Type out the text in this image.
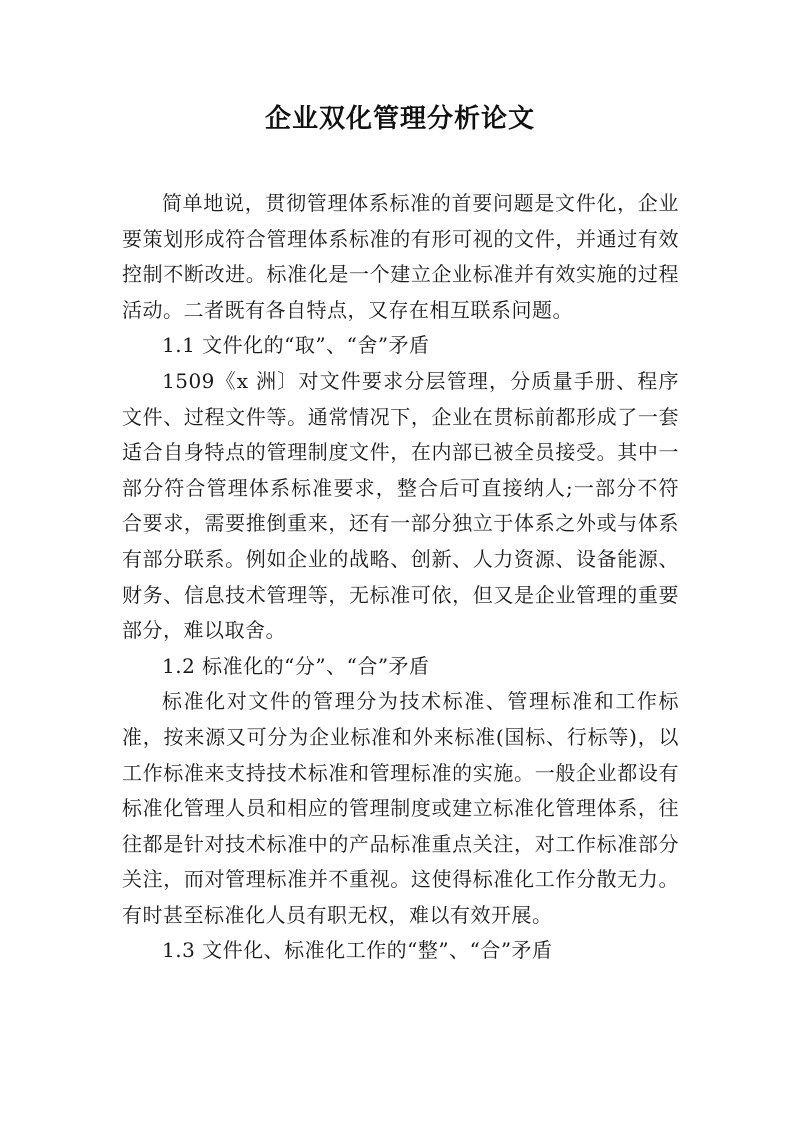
企业双化管理分析论文

简单地说，贯彻管理体系标准的首要问题是文件化，企业要策划形成符合管理体系标准的有形可视的文件，并通过有效控制不断改进。标准化是一个建立企业标准并有效实施的过程活动。二者既有各自特点，又存在相互联系问题。

1.1 文件化的“取”、“舍”矛盾

1509《x 洲〕对文件要求分层管理，分质量手册、程序文件、过程文件等。通常情况下，企业在贯标前都形成了一套适合自身特点的管理制度文件，在内部已被全员接受。其中一部分符合管理体系标准要求，整合后可直接纳人;一部分不符合要求，需要推倒重来，还有一部分独立于体系之外或与体系有部分联系。例如企业的战略、创新、人力资源、设备能源、财务、信息技术管理等，无标准可依，但又是企业管理的重要部分，难以取舍。

1.2 标准化的“分”、“合”矛盾

标准化对文件的管理分为技术标准、管理标准和工作标准，按来源又可分为企业标准和外来标准(国标、行标等)，以工作标准来支持技术标准和管理标准的实施。一般企业都设有标准化管理人员和相应的管理制度或建立标准化管理体系，往往都是针对技术标准中的产品标准重点关注，对工作标准部分关注，而对管理标准并不重视。这使得标准化工作分散无力。有时甚至标准化人员有职无权，难以有效开展。

1.3 文件化、标准化工作的“整”、“合”矛盾
